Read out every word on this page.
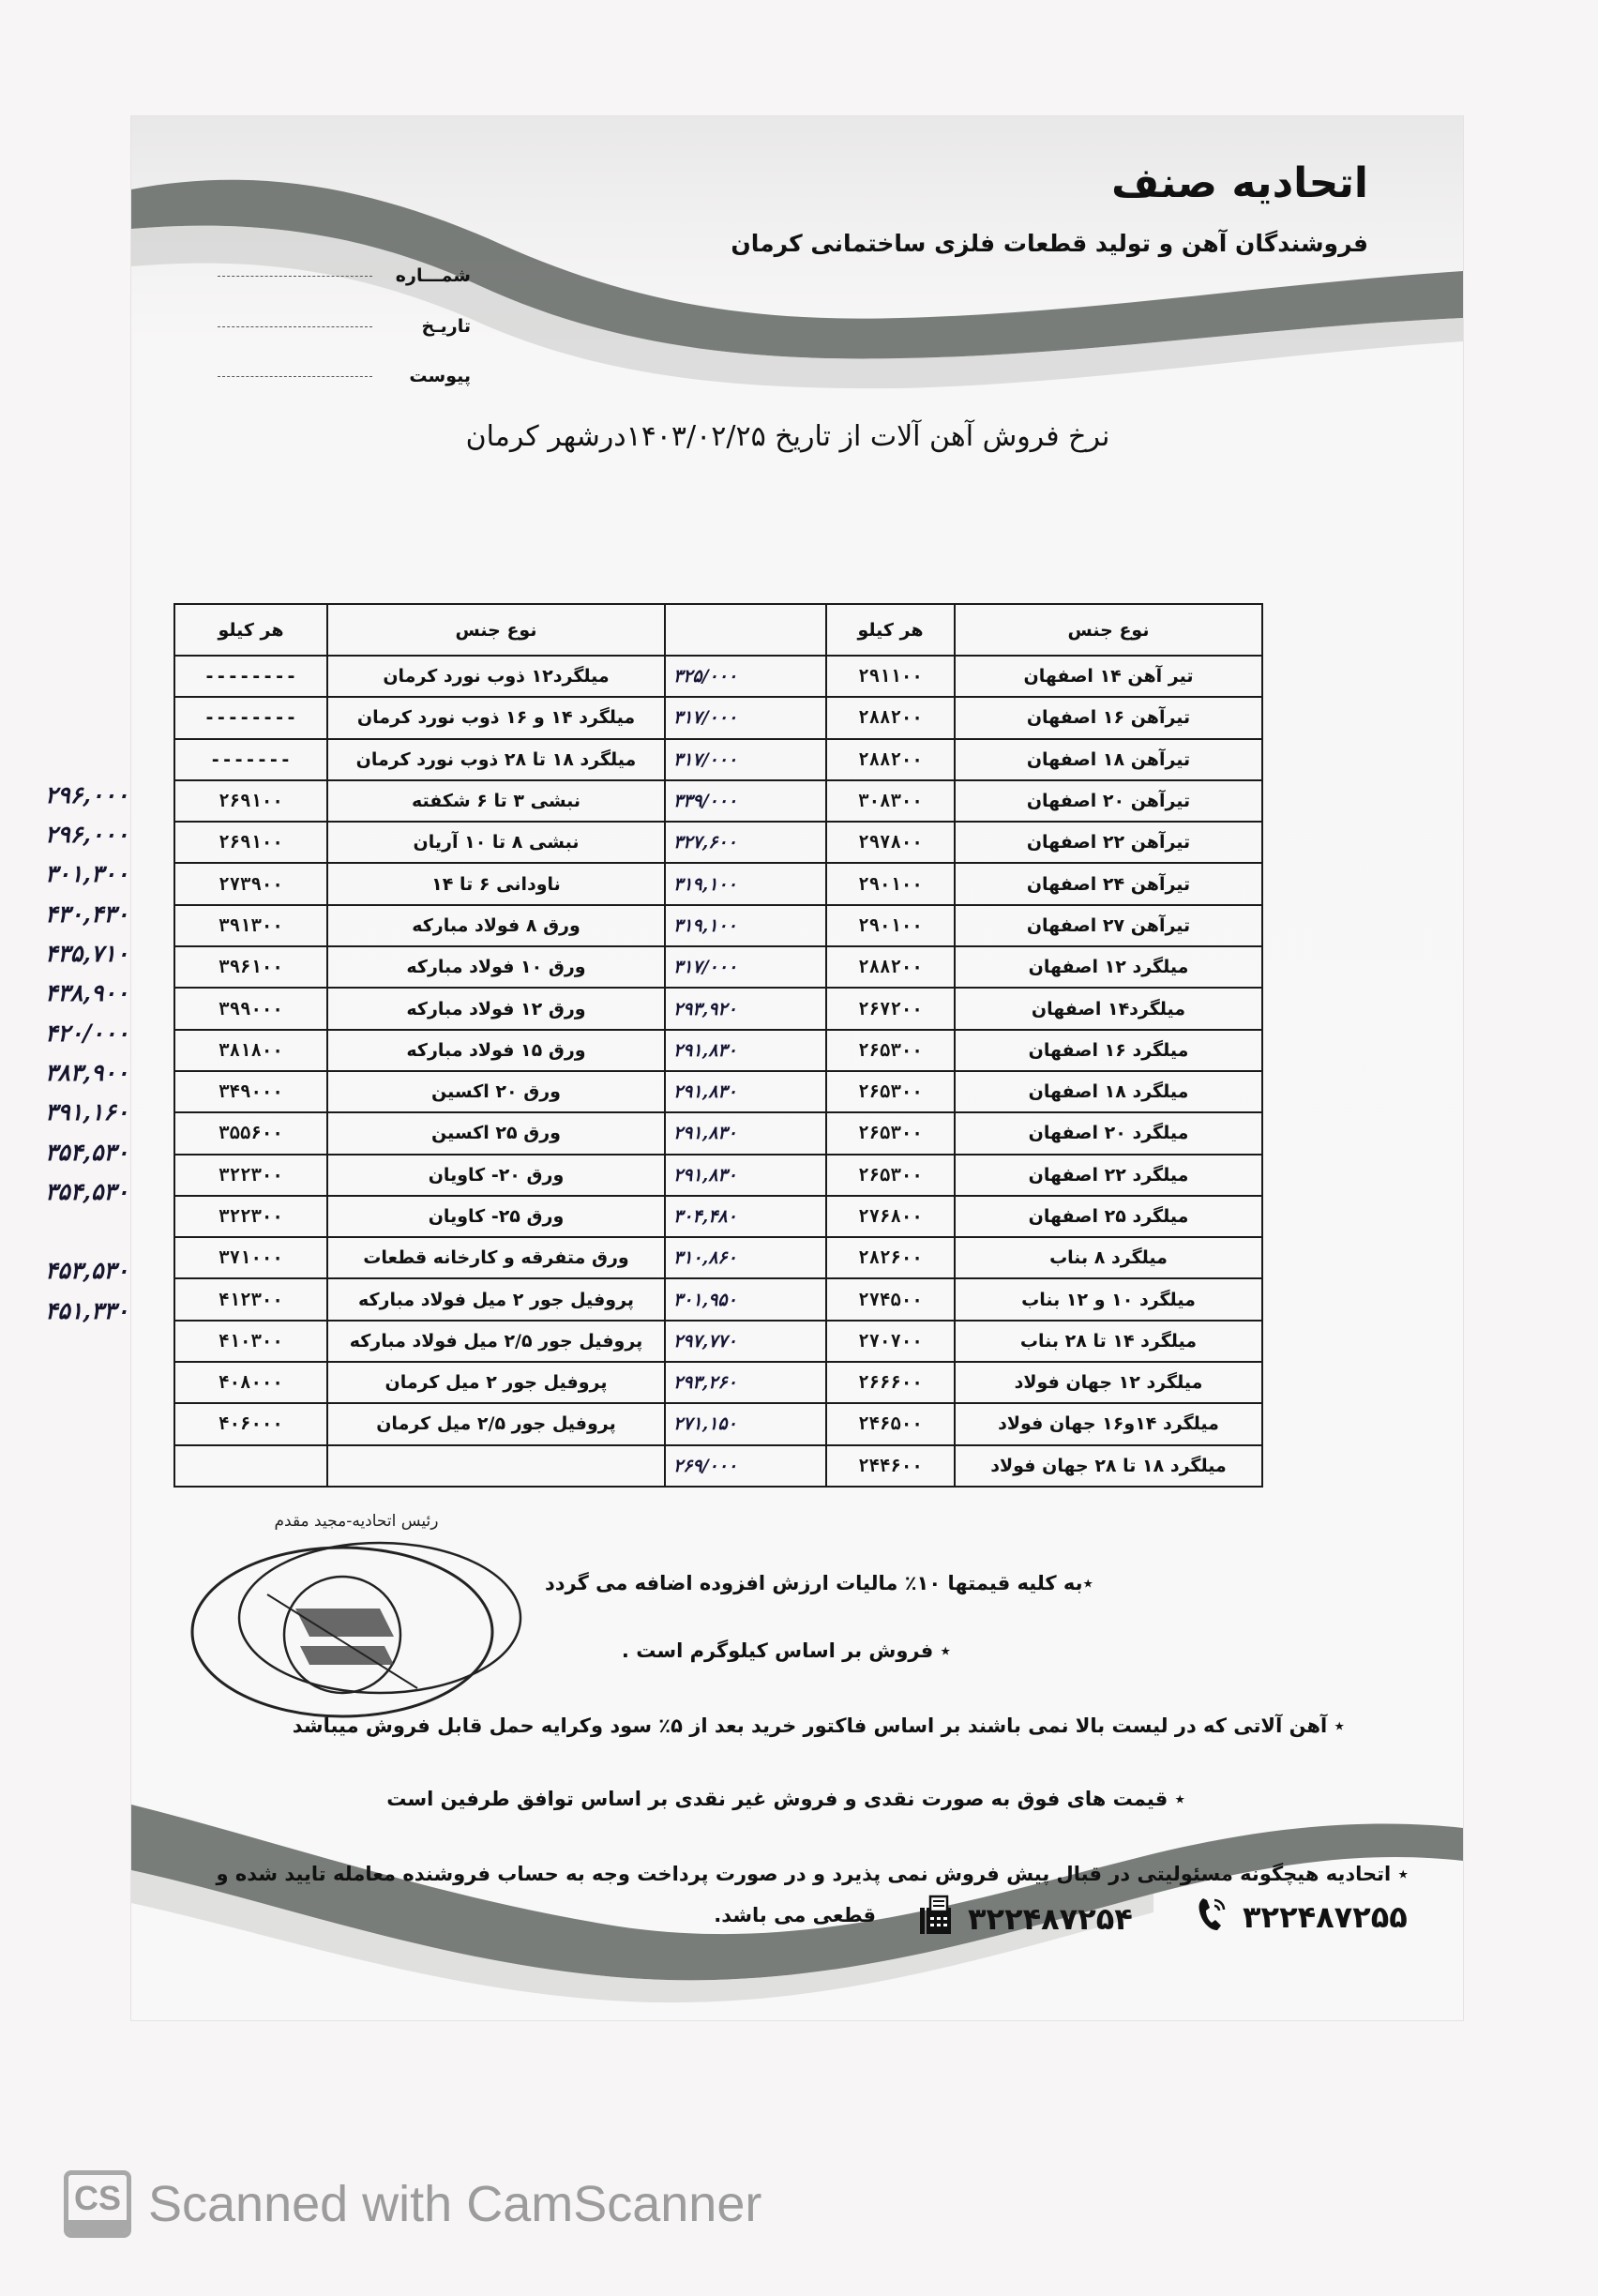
اتحادیه صنف
فروشندگان آهن و تولید قطعات فلزی ساختمانی کرمان
شمـــاره
تاریـخ
پیوست
نرخ فروش آهن آلات از تاریخ ۱۴۰۳/۰۲/۲۵درشهر کرمان
۲۹۶,۰۰۰
۲۹۶,۰۰۰
۳۰۱,۳۰۰
۴۳۰,۴۳۰
۴۳۵,۷۱۰
۴۳۸,۹۰۰
۴۲۰/۰۰۰
۳۸۳,۹۰۰
۳۹۱,۱۶۰
۳۵۴,۵۳۰
۳۵۴,۵۳۰
۴۵۳,۵۳۰
۴۵۱,۳۳۰
نوع جنس	هر کیلو		نوع جنس	هر کیلو
تیر آهن ۱۴ اصفهان	۲۹۱۱۰۰	۳۲۵/۰۰۰	میلگرد۱۲ ذوب نورد کرمان	--------
تیرآهن ۱۶ اصفهان	۲۸۸۲۰۰	۳۱۷/۰۰۰	میلگرد ۱۴ و ۱۶ ذوب نورد کرمان	--------
تیرآهن ۱۸ اصفهان	۲۸۸۲۰۰	۳۱۷/۰۰۰	میلگرد ۱۸ تا ۲۸ ذوب نورد کرمان	-------
تیرآهن ۲۰ اصفهان	۳۰۸۳۰۰	۳۳۹/۰۰۰	نبشی ۳ تا ۶ شکفته	۲۶۹۱۰۰
تیرآهن ۲۲ اصفهان	۲۹۷۸۰۰	۳۲۷,۶۰۰	نبشی ۸ تا ۱۰ آریان	۲۶۹۱۰۰
تیرآهن ۲۴ اصفهان	۲۹۰۱۰۰	۳۱۹,۱۰۰	ناودانی ۶ تا ۱۴	۲۷۳۹۰۰
تیرآهن ۲۷ اصفهان	۲۹۰۱۰۰	۳۱۹,۱۰۰	ورق ۸ فولاد مبارکه	۳۹۱۳۰۰
میلگرد ۱۲ اصفهان	۲۸۸۲۰۰	۳۱۷/۰۰۰	ورق ۱۰ فولاد مبارکه	۳۹۶۱۰۰
میلگرد۱۴ اصفهان	۲۶۷۲۰۰	۲۹۳,۹۲۰	ورق ۱۲ فولاد مبارکه	۳۹۹۰۰۰
میلگرد ۱۶ اصفهان	۲۶۵۳۰۰	۲۹۱,۸۳۰	ورق ۱۵ فولاد مبارکه	۳۸۱۸۰۰
میلگرد ۱۸ اصفهان	۲۶۵۳۰۰	۲۹۱,۸۳۰	ورق ۲۰ اکسین	۳۴۹۰۰۰
میلگرد ۲۰ اصفهان	۲۶۵۳۰۰	۲۹۱,۸۳۰	ورق ۲۵ اکسین	۳۵۵۶۰۰
میلگرد ۲۲ اصفهان	۲۶۵۳۰۰	۲۹۱,۸۳۰	ورق ۲۰- کاویان	۳۲۲۳۰۰
میلگرد ۲۵ اصفهان	۲۷۶۸۰۰	۳۰۴,۴۸۰	ورق ۲۵- کاویان	۳۲۲۳۰۰
میلگرد ۸ بناب	۲۸۲۶۰۰	۳۱۰,۸۶۰	ورق متفرقه و کارخانه قطعات	۳۷۱۰۰۰
میلگرد ۱۰ و ۱۲ بناب	۲۷۴۵۰۰	۳۰۱,۹۵۰	پروفیل جور ۲ میل فولاد مبارکه	۴۱۲۳۰۰
میلگرد ۱۴ تا ۲۸ بناب	۲۷۰۷۰۰	۲۹۷,۷۷۰	پروفیل جور ۲/۵ میل فولاد مبارکه	۴۱۰۳۰۰
میلگرد ۱۲ جهان فولاد	۲۶۶۶۰۰	۲۹۳,۲۶۰	پروفیل جور ۲ میل کرمان	۴۰۸۰۰۰
میلگرد ۱۴و۱۶ جهان فولاد	۲۴۶۵۰۰	۲۷۱,۱۵۰	پروفیل جور ۲/۵ میل کرمان	۴۰۶۰۰۰
میلگرد ۱۸ تا ۲۸ جهان فولاد	۲۴۴۶۰۰	۲۶۹/۰۰۰		
رئیس اتحادیه-مجید مقدم
٭به کلیه قیمتها ۱۰٪ مالیات ارزش افزوده اضافه می گردد
٭ فروش بر اساس کیلوگرم است .
٭ آهن آلاتی که در لیست بالا نمی باشند بر اساس فاکتور خرید بعد از ۵٪ سود وکرایه حمل قابل فروش میباشد
٭ قیمت های فوق به صورت نقدی و فروش غیر نقدی بر اساس توافق طرفین است
٭ اتحادیه هیچگونه مسئولیتی در قبال پیش فروش نمی پذیرد و در صورت پرداخت وجه به حساب فروشنده معامله تایید شده و
قطعی می باشد.	۳۲۲۴۸۷۲۵۴	۳۲۲۴۸۷۲۵۵
CS Scanned with CamScanner
